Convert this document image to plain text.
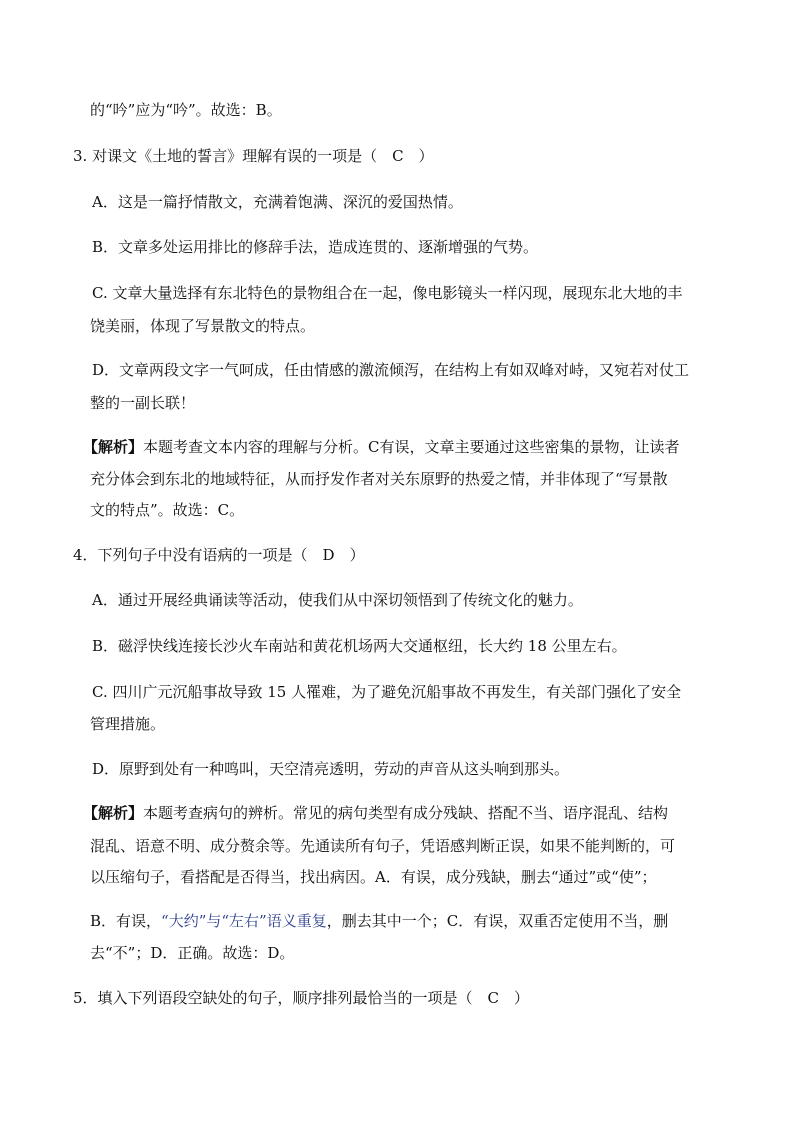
的“吟”应为“吟”。故选：B。
3. 对课文《土地的誓言》理解有误的一项是（　C　）
A．这是一篇抒情散文，充满着饱满、深沉的爱国热情。
B．文章多处运用排比的修辞手法，造成连贯的、逐渐增强的气势。
C. 文章大量选择有东北特色的景物组合在一起，像电影镜头一样闪现，展现东北大地的丰
饶美丽，体现了写景散文的特点。
D．文章两段文字一气呵成，任由情感的激流倾泻，在结构上有如双峰对峙，又宛若对仗工
整的一副长联！
【解析】本题考查文本内容的理解与分析。C有误，文章主要通过这些密集的景物，让读者
充分体会到东北的地域特征，从而抒发作者对关东原野的热爱之情，并非体现了“写景散
文的特点”。故选：C。
4．下列句子中没有语病的一项是（　D　）
A．通过开展经典诵读等活动，使我们从中深切领悟到了传统文化的魅力。
B．磁浮快线连接长沙火车南站和黄花机场两大交通枢纽，长大约 18 公里左右。
C. 四川广元沉船事故导致 15 人罹难，为了避免沉船事故不再发生，有关部门强化了安全
管理措施。
D．原野到处有一种鸣叫，天空清亮透明，劳动的声音从这头响到那头。
【解析】本题考查病句的辨析。常见的病句类型有成分残缺、搭配不当、语序混乱、结构
混乱、语意不明、成分赘余等。先通读所有句子，凭语感判断正误，如果不能判断的，可
以压缩句子，看搭配是否得当，找出病因。A．有误，成分残缺，删去“通过”或“使”；
B．有误，“大约”与“左右”语义重复，删去其中一个；C．有误，双重否定使用不当，删
去“不”；D．正确。故选：D。
5．填入下列语段空缺处的句子，顺序排列最恰当的一项是（　C　）
